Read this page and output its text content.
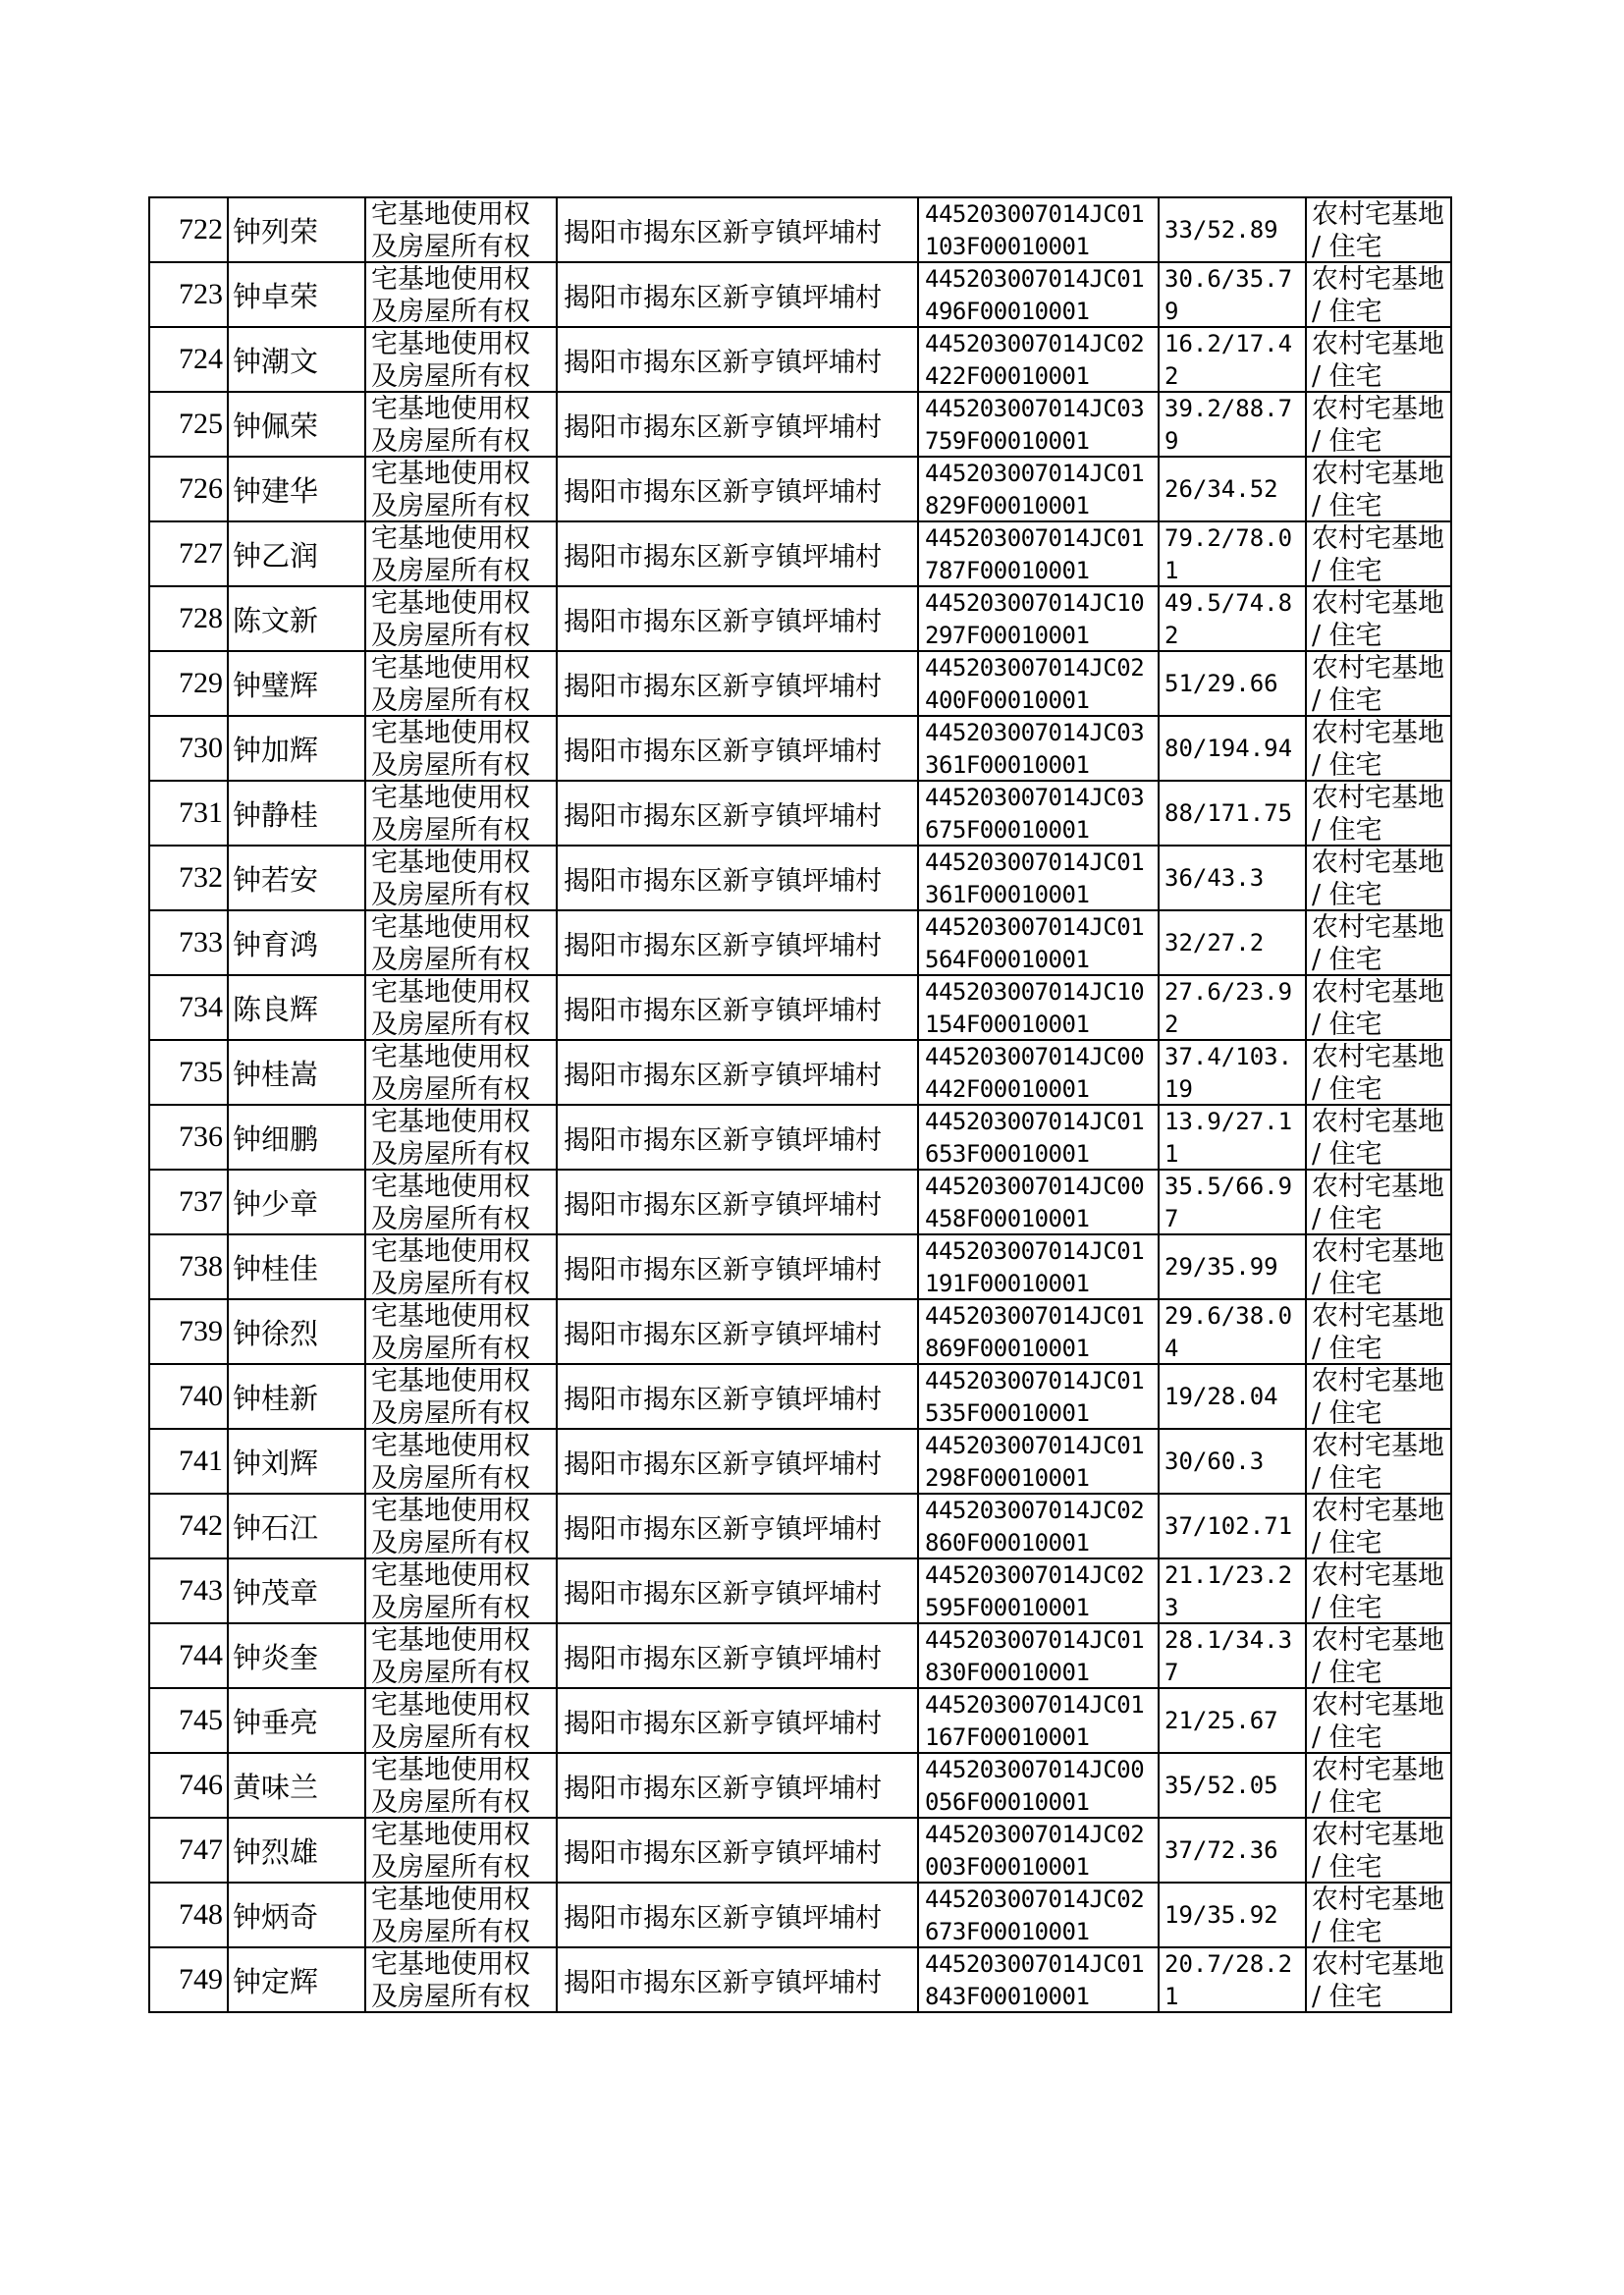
722	钟列荣	宅基地使用权及房屋所有权	揭阳市揭东区新亨镇坪埔村	445203007014JC01103F00010001	33/52.89	农村宅基地 / 住宅

723	钟卓荣	宅基地使用权及房屋所有权	揭阳市揭东区新亨镇坪埔村	445203007014JC01496F00010001	30.6/35.79	农村宅基地 / 住宅

724	钟潮文	宅基地使用权及房屋所有权	揭阳市揭东区新亨镇坪埔村	445203007014JC02422F00010001	16.2/17.42	农村宅基地 / 住宅

725	钟佩荣	宅基地使用权及房屋所有权	揭阳市揭东区新亨镇坪埔村	445203007014JC03759F00010001	39.2/88.79	农村宅基地 / 住宅

726	钟建华	宅基地使用权及房屋所有权	揭阳市揭东区新亨镇坪埔村	445203007014JC01829F00010001	26/34.52	农村宅基地 / 住宅

727	钟乙润	宅基地使用权及房屋所有权	揭阳市揭东区新亨镇坪埔村	445203007014JC01787F00010001	79.2/78.01	农村宅基地 / 住宅

728	陈文新	宅基地使用权及房屋所有权	揭阳市揭东区新亨镇坪埔村	445203007014JC10297F00010001	49.5/74.82	农村宅基地 / 住宅

729	钟璧辉	宅基地使用权及房屋所有权	揭阳市揭东区新亨镇坪埔村	445203007014JC02400F00010001	51/29.66	农村宅基地 / 住宅

730	钟加辉	宅基地使用权及房屋所有权	揭阳市揭东区新亨镇坪埔村	445203007014JC03361F00010001	80/194.94	农村宅基地 / 住宅

731	钟静桂	宅基地使用权及房屋所有权	揭阳市揭东区新亨镇坪埔村	445203007014JC03675F00010001	88/171.75	农村宅基地 / 住宅

732	钟若安	宅基地使用权及房屋所有权	揭阳市揭东区新亨镇坪埔村	445203007014JC01361F00010001	36/43.3	农村宅基地 / 住宅

733	钟育鸿	宅基地使用权及房屋所有权	揭阳市揭东区新亨镇坪埔村	445203007014JC01564F00010001	32/27.2	农村宅基地 / 住宅

734	陈良辉	宅基地使用权及房屋所有权	揭阳市揭东区新亨镇坪埔村	445203007014JC10154F00010001	27.6/23.92	农村宅基地 / 住宅

735	钟桂嵩	宅基地使用权及房屋所有权	揭阳市揭东区新亨镇坪埔村	445203007014JC00442F00010001	37.4/103.19	农村宅基地 / 住宅

736	钟细鹏	宅基地使用权及房屋所有权	揭阳市揭东区新亨镇坪埔村	445203007014JC01653F00010001	13.9/27.11	农村宅基地 / 住宅

737	钟少章	宅基地使用权及房屋所有权	揭阳市揭东区新亨镇坪埔村	445203007014JC00458F00010001	35.5/66.97	农村宅基地 / 住宅

738	钟桂佳	宅基地使用权及房屋所有权	揭阳市揭东区新亨镇坪埔村	445203007014JC01191F00010001	29/35.99	农村宅基地 / 住宅

739	钟徐烈	宅基地使用权及房屋所有权	揭阳市揭东区新亨镇坪埔村	445203007014JC01869F00010001	29.6/38.04	农村宅基地 / 住宅

740	钟桂新	宅基地使用权及房屋所有权	揭阳市揭东区新亨镇坪埔村	445203007014JC01535F00010001	19/28.04	农村宅基地 / 住宅

741	钟刘辉	宅基地使用权及房屋所有权	揭阳市揭东区新亨镇坪埔村	445203007014JC01298F00010001	30/60.3	农村宅基地 / 住宅

742	钟石江	宅基地使用权及房屋所有权	揭阳市揭东区新亨镇坪埔村	445203007014JC02860F00010001	37/102.71	农村宅基地 / 住宅

743	钟茂章	宅基地使用权及房屋所有权	揭阳市揭东区新亨镇坪埔村	445203007014JC02595F00010001	21.1/23.23	农村宅基地 / 住宅

744	钟炎奎	宅基地使用权及房屋所有权	揭阳市揭东区新亨镇坪埔村	445203007014JC01830F00010001	28.1/34.37	农村宅基地 / 住宅

745	钟垂亮	宅基地使用权及房屋所有权	揭阳市揭东区新亨镇坪埔村	445203007014JC01167F00010001	21/25.67	农村宅基地 / 住宅

746	黄味兰	宅基地使用权及房屋所有权	揭阳市揭东区新亨镇坪埔村	445203007014JC00056F00010001	35/52.05	农村宅基地 / 住宅

747	钟烈雄	宅基地使用权及房屋所有权	揭阳市揭东区新亨镇坪埔村	445203007014JC02003F00010001	37/72.36	农村宅基地 / 住宅

748	钟炳奇	宅基地使用权及房屋所有权	揭阳市揭东区新亨镇坪埔村	445203007014JC02673F00010001	19/35.92	农村宅基地 / 住宅

749	钟定辉	宅基地使用权及房屋所有权	揭阳市揭东区新亨镇坪埔村	445203007014JC01843F00010001	20.7/28.21	农村宅基地 / 住宅
